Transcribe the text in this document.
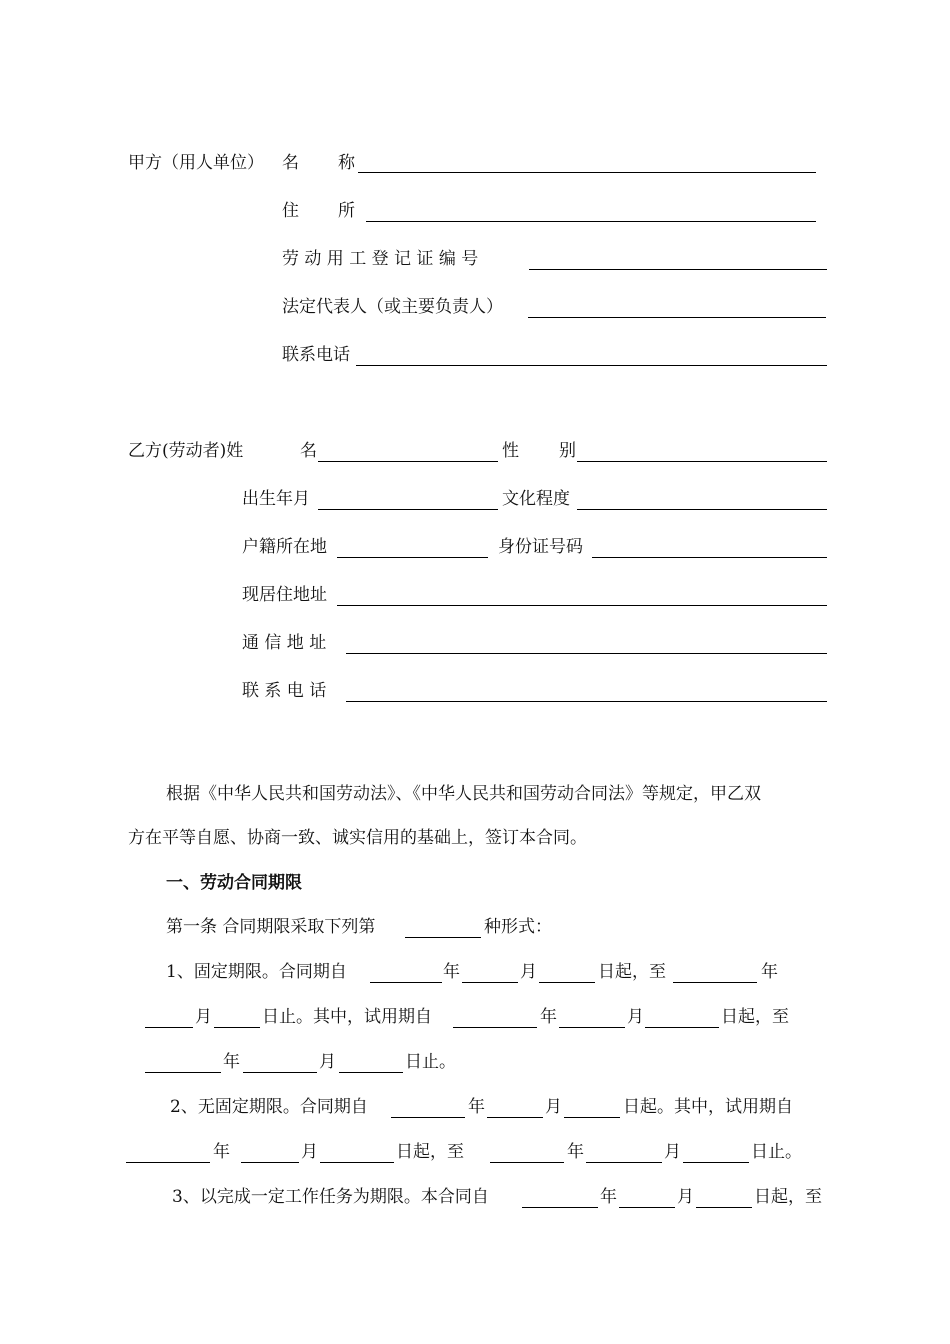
甲方（用人单位） 名 称
住 所
劳 动 用 工 登 记 证 编 号
法定代表人（或主要负责人）
联系电话
乙方(劳动者)姓	名	性 别
出生年月	文化程度
户籍所在地	身份证号码
现居住地址
通 信 地 址
联 系 电 话
根据《中华人民共和国劳动法》、《中华人民共和国劳动合同法》等规定，甲乙双
方在平等自愿、协商一致、诚实信用的基础上，签订本合同。
一、劳动合同期限
第一条 合同期限采取下列第	种形式：
1、固定期限。合同期自	年	月	日起，至	年
月	日止。其中，试用期自	年	月	日起，至
年	月	日止。
2、无固定期限。合同期自	年	月	日起。其中，试用期自
年	月	日起，至	年	月	日止。
3、以完成一定工作任务为期限。本合同自	年	月	日起，至
